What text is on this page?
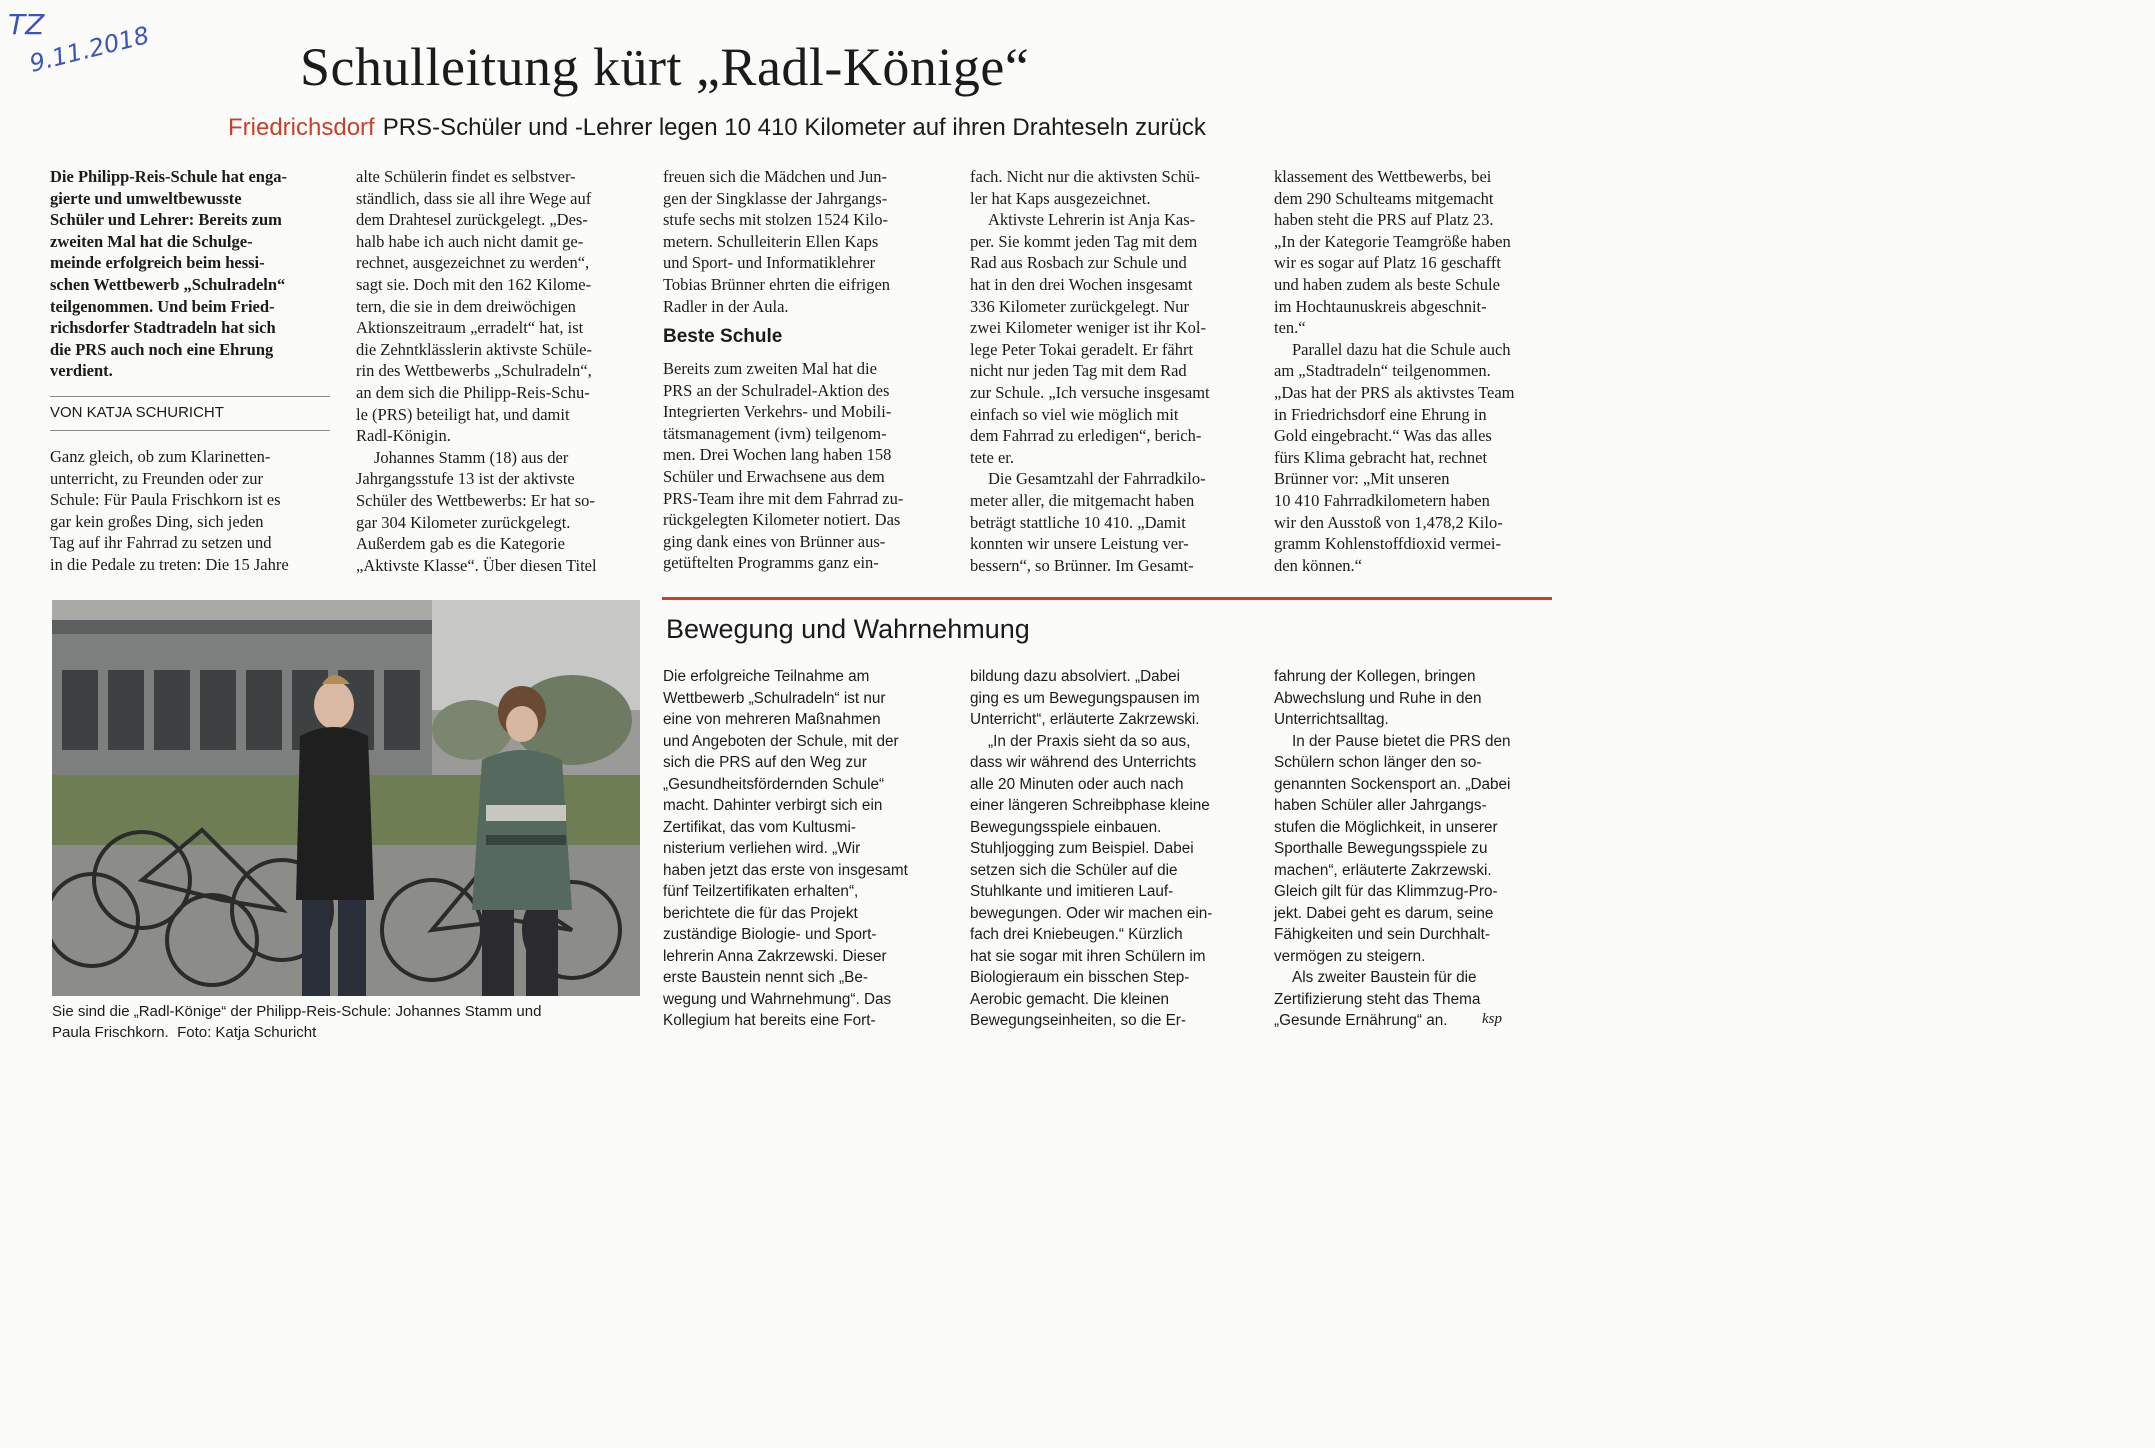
TZ
9.11.2018	Schulleitung kürt „Radl-Könige“
Friedrichsdorf PRS-Schüler und -Lehrer legen 10 410 Kilometer auf ihren Drahteseln zurück
Die Philipp-Reis-Schule hat enga-
gierte und umweltbewusste
Schüler und Lehrer: Bereits zum
zweiten Mal hat die Schulge-
meinde erfolgreich beim hessi-
schen Wettbewerb „Schulradeln“
teilgenommen. Und beim Fried-
richsdorfer Stadtradeln hat sich
die PRS auch noch eine Ehrung
verdient.
VON KATJA SCHURICHT
Ganz gleich, ob zum Klarinetten-
unterricht, zu Freunden oder zur
Schule: Für Paula Frischkorn ist es
gar kein großes Ding, sich jeden
Tag auf ihr Fahrrad zu setzen und
in die Pedale zu treten: Die 15 Jahre
alte Schülerin findet es selbstver-
ständlich, dass sie all ihre Wege auf
dem Drahtesel zurückgelegt. „Des-
halb habe ich auch nicht damit ge-
rechnet, ausgezeichnet zu werden“,
sagt sie. Doch mit den 162 Kilome-
tern, die sie in dem dreiwöchigen
Aktionszeitraum „erradelt“ hat, ist
die Zehntklässlerin aktivste Schüle-
rin des Wettbewerbs „Schulradeln“,
an dem sich die Philipp-Reis-Schu-
le (PRS) beteiligt hat, und damit
Radl-Königin.
Johannes Stamm (18) aus der
Jahrgangsstufe 13 ist der aktivste
Schüler des Wettbewerbs: Er hat so-
gar 304 Kilometer zurückgelegt.
Außerdem gab es die Kategorie
„Aktivste Klasse“. Über diesen Titel
freuen sich die Mädchen und Jun-
gen der Singklasse der Jahrgangs-
stufe sechs mit stolzen 1524 Kilo-
metern. Schulleiterin Ellen Kaps
und Sport- und Informatiklehrer
Tobias Brünner ehrten die eifrigen
Radler in der Aula.
Beste Schule
Bereits zum zweiten Mal hat die
PRS an der Schulradel-Aktion des
Integrierten Verkehrs- und Mobili-
tätsmanagement (ivm) teilgenom-
men. Drei Wochen lang haben 158
Schüler und Erwachsene aus dem
PRS-Team ihre mit dem Fahrrad zu-
rückgelegten Kilometer notiert. Das
ging dank eines von Brünner aus-
getüftelten Programms ganz ein-
fach. Nicht nur die aktivsten Schü-
ler hat Kaps ausgezeichnet.
Aktivste Lehrerin ist Anja Kas-
per. Sie kommt jeden Tag mit dem
Rad aus Rosbach zur Schule und
hat in den drei Wochen insgesamt
336 Kilometer zurückgelegt. Nur
zwei Kilometer weniger ist ihr Kol-
lege Peter Tokai geradelt. Er fährt
nicht nur jeden Tag mit dem Rad
zur Schule. „Ich versuche insgesamt
einfach so viel wie möglich mit
dem Fahrrad zu erledigen“, berich-
tete er.
Die Gesamtzahl der Fahrradkilo-
meter aller, die mitgemacht haben
beträgt stattliche 10 410. „Damit
konnten wir unsere Leistung ver-
bessern“, so Brünner. Im Gesamt-
klassement des Wettbewerbs, bei
dem 290 Schulteams mitgemacht
haben steht die PRS auf Platz 23.
„In der Kategorie Teamgröße haben
wir es sogar auf Platz 16 geschafft
und haben zudem als beste Schule
im Hochtaunuskreis abgeschnit-
ten.“
Parallel dazu hat die Schule auch
am „Stadtradeln“ teilgenommen.
„Das hat der PRS als aktivstes Team
in Friedrichsdorf eine Ehrung in
Gold eingebracht.“ Was das alles
fürs Klima gebracht hat, rechnet
Brünner vor: „Mit unseren
10 410 Fahrradkilometern haben
wir den Ausstoß von 1,478,2 Kilo-
gramm Kohlenstoffdioxid vermei-
den können.“
Sie sind die „Radl-Könige“ der Philipp-Reis-Schule: Johannes Stamm und
Paula Frischkorn. Foto: Katja Schuricht
Bewegung und Wahrnehmung
Die erfolgreiche Teilnahme am
Wettbewerb „Schulradeln“ ist nur
eine von mehreren Maßnahmen
und Angeboten der Schule, mit der
sich die PRS auf den Weg zur
„Gesundheitsfördernden Schule“
macht. Dahinter verbirgt sich ein
Zertifikat, das vom Kultusmi-
nisterium verliehen wird. „Wir
haben jetzt das erste von insgesamt
fünf Teilzertifikaten erhalten“,
berichtete die für das Projekt
zuständige Biologie- und Sport-
lehrerin Anna Zakrzewski. Dieser
erste Baustein nennt sich „Be-
wegung und Wahrnehmung“. Das
Kollegium hat bereits eine Fort-
bildung dazu absolviert. „Dabei
ging es um Bewegungspausen im
Unterricht“, erläuterte Zakrzewski.
„In der Praxis sieht da so aus,
dass wir während des Unterrichts
alle 20 Minuten oder auch nach
einer längeren Schreibphase kleine
Bewegungsspiele einbauen.
Stuhljogging zum Beispiel. Dabei
setzen sich die Schüler auf die
Stuhlkante und imitieren Lauf-
bewegungen. Oder wir machen ein-
fach drei Kniebeugen.“ Kürzlich
hat sie sogar mit ihren Schülern im
Biologieraum ein bisschen Step-
Aerobic gemacht. Die kleinen
Bewegungseinheiten, so die Er-
fahrung der Kollegen, bringen
Abwechslung und Ruhe in den
Unterrichtsalltag.
In der Pause bietet die PRS den
Schülern schon länger den so-
genannten Sockensport an. „Dabei
haben Schüler aller Jahrgangs-
stufen die Möglichkeit, in unserer
Sporthalle Bewegungsspiele zu
machen“, erläuterte Zakrzewski.
Gleich gilt für das Klimmzug-Pro-
jekt. Dabei geht es darum, seine
Fähigkeiten und sein Durchhalt-
vermögen zu steigern.
Als zweiter Baustein für die
Zertifizierung steht das Thema
„Gesunde Ernährung“ an.	ksp
